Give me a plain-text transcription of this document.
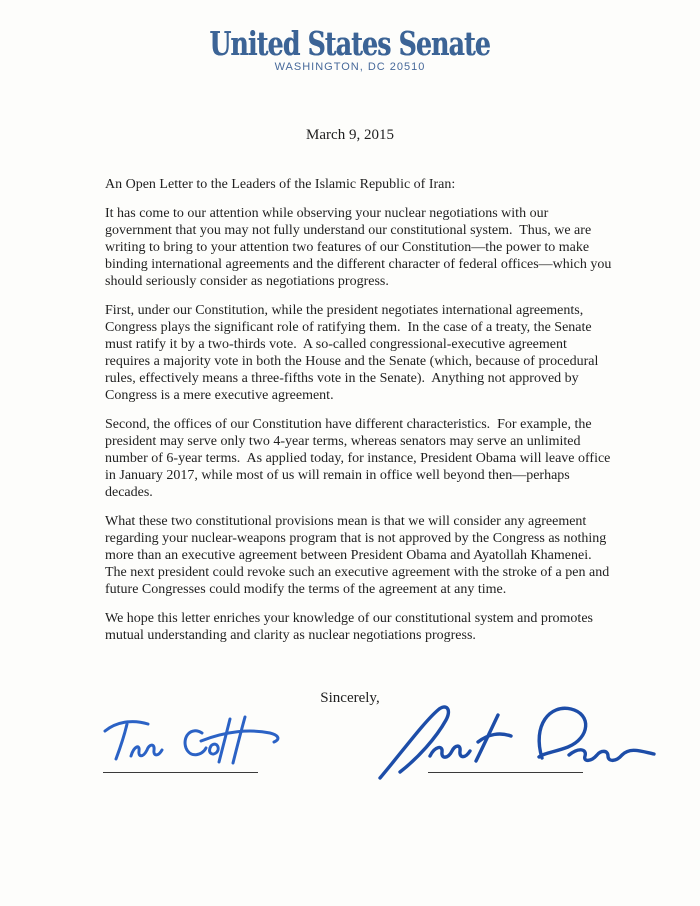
United States Senate
WASHINGTON, DC 20510
March 9, 2015

An Open Letter to the Leaders of the Islamic Republic of Iran:

It has come to our attention while observing your nuclear negotiations with our government that you may not fully understand our constitutional system.  Thus, we are writing to bring to your attention two features of our Constitution—the power to make binding international agreements and the different character of federal offices—which you should seriously consider as negotiations progress.

First, under our Constitution, while the president negotiates international agreements, Congress plays the significant role of ratifying them.  In the case of a treaty, the Senate must ratify it by a two-thirds vote.  A so-called congressional-executive agreement requires a majority vote in both the House and the Senate (which, because of procedural rules, effectively means a three-fifths vote in the Senate).  Anything not approved by Congress is a mere executive agreement.

Second, the offices of our Constitution have different characteristics.  For example, the president may serve only two 4-year terms, whereas senators may serve an unlimited number of 6-year terms.  As applied today, for instance, President Obama will leave office in January 2017, while most of us will remain in office well beyond then—perhaps decades.

What these two constitutional provisions mean is that we will consider any agreement regarding your nuclear-weapons program that is not approved by the Congress as nothing more than an executive agreement between President Obama and Ayatollah Khamenei.  The next president could revoke such an executive agreement with the stroke of a pen and future Congresses could modify the terms of the agreement at any time.

We hope this letter enriches your knowledge of our constitutional system and promotes mutual understanding and clarity as nuclear negotiations progress.

Sincerely,
